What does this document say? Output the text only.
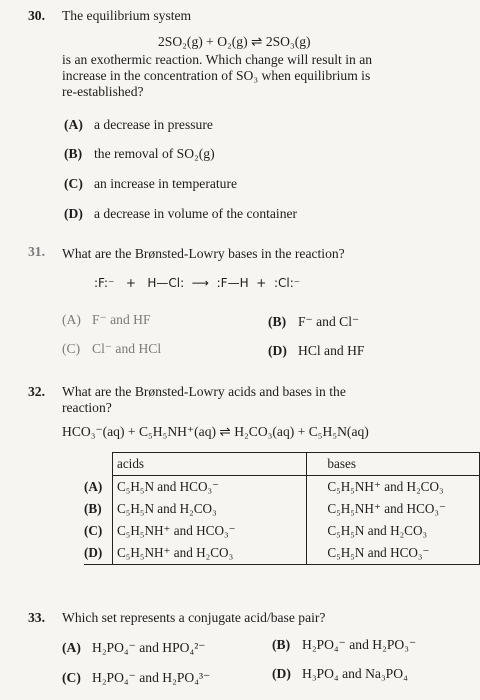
30. The equilibrium system
2SO₂(g) + O₂(g) ⇌ 2SO₃(g)
is an exothermic reaction. Which change will result in an
increase in the concentration of SO₃ when equilibrium is
re-established?
(A) a decrease in pressure
(B) the removal of SO₂(g)
(C) an increase in temperature
(D) a decrease in volume of the container
31. What are the Brønsted-Lowry bases in the reaction?
:F:⁻ + H—Cl: ⟶ :F—H + :Cl:⁻
(A) F⁻ and HF	(B) F⁻ and Cl⁻
(C) Cl⁻ and HCl	(D) HCl and HF
32. What are the Brønsted-Lowry acids and bases in the
reaction?
HCO₃⁻(aq) + C₅H₅NH⁺(aq) ⇌ H₂CO₃(aq) + C₅H₅N(aq)
	acids	bases
(A)	C₅H₅N and HCO₃⁻	C₅H₅NH⁺ and H₂CO₃
(B)	C₅H₅N and H₂CO₃	C₅H₅NH⁺ and HCO₃⁻
(C)	C₅H₅NH⁺ and HCO₃⁻	C₅H₅N and H₂CO₃
(D)	C₅H₅NH⁺ and H₂CO₃	C₅H₅N and HCO₃⁻
33. Which set represents a conjugate acid/base pair?
(A) H₂PO₄⁻ and HPO₄²⁻	(B) H₂PO₄⁻ and H₂PO₃⁻
(C) H₂PO₄⁻ and H₂PO₄³⁻	(D) H₃PO₄ and Na₃PO₄
